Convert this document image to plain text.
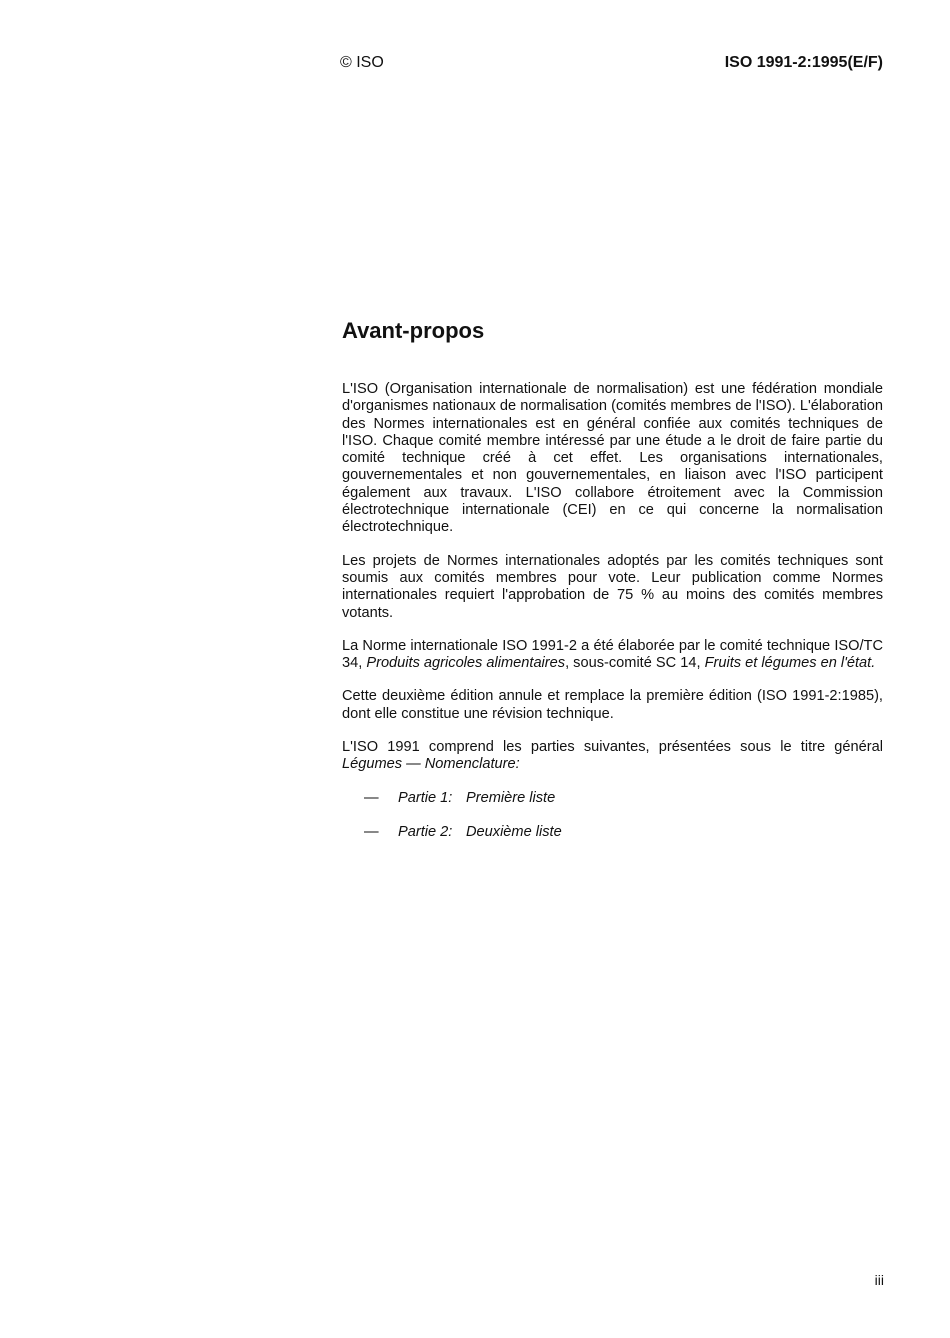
© ISO	ISO 1991-2:1995(E/F)
Avant-propos

L'ISO (Organisation internationale de normalisation) est une fédération mondiale d'organismes nationaux de normalisation (comités membres de l'ISO). L'élaboration des Normes internationales est en général confiée aux comités techniques de l'ISO. Chaque comité membre intéressé par une étude a le droit de faire partie du comité technique créé à cet effet. Les organisations internationales, gouvernementales et non gouvernementales, en liaison avec l'ISO participent également aux travaux. L'ISO collabore étroitement avec la Commission électrotechnique internationale (CEI) en ce qui concerne la normalisation électrotechnique.

Les projets de Normes internationales adoptés par les comités techniques sont soumis aux comités membres pour vote. Leur publication comme Normes internationales requiert l'approbation de 75 % au moins des comités membres votants.

La Norme internationale ISO 1991-2 a été élaborée par le comité technique ISO/TC 34, Produits agricoles alimentaires, sous-comité SC 14, Fruits et légumes en l'état.

Cette deuxième édition annule et remplace la première édition (ISO 1991-2:1985), dont elle constitue une révision technique.

L'ISO 1991 comprend les parties suivantes, présentées sous le titre général Légumes — Nomenclature:

—	Partie 1: Première liste
—	Partie 2: Deuxième liste
iii
